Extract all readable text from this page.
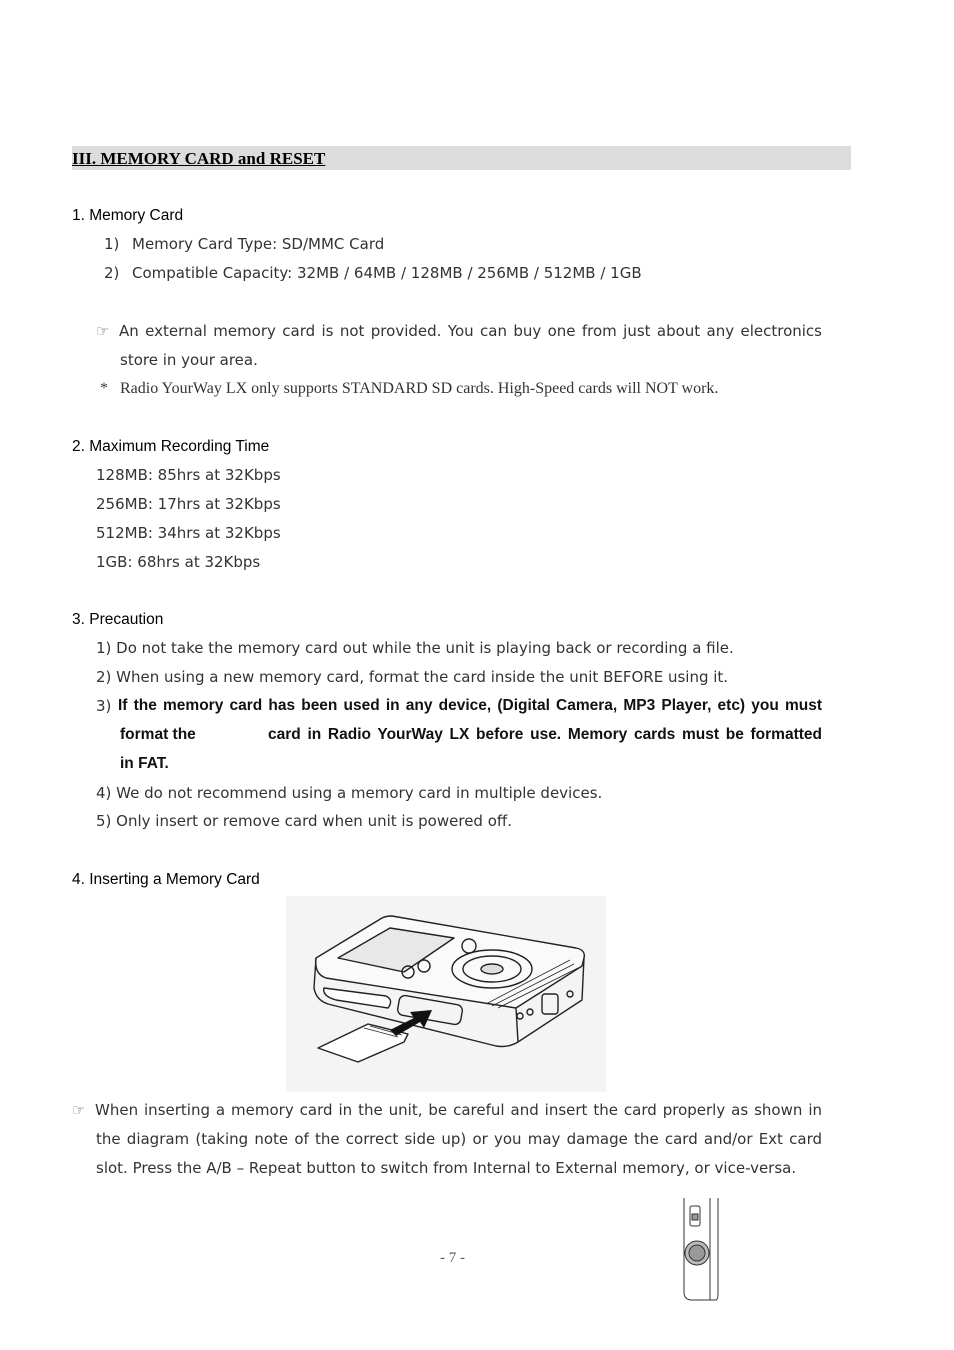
III. MEMORY CARD and RESET
1. Memory Card
1) Memory Card Type: SD/MMC Card
2) Compatible Capacity: 32MB / 64MB / 128MB / 256MB / 512MB / 1GB
☞ An external memory card is not provided. You can buy one from just about any electronics
store in your area.
* Radio YourWay LX only supports STANDARD SD cards. High-Speed cards will NOT work.
2. Maximum Recording Time
128MB: 85hrs at 32Kbps
256MB: 17hrs at 32Kbps
512MB: 34hrs at 32Kbps
1GB: 68hrs at 32Kbps
3. Precaution
1) Do not take the memory card out while the unit is playing back or recording a file.
2) When using a new memory card, format the card inside the unit BEFORE using it.
3) If the memory card has been used in any device, (Digital Camera, MP3 Player, etc) you must
format the	card in Radio YourWay LX before use. Memory cards must be formatted
in FAT.
4) We do not recommend using a memory card in multiple devices.
5) Only insert or remove card when unit is powered off.
4. Inserting a Memory Card
☞ When inserting a memory card in the unit, be careful and insert the card properly as shown in
the diagram (taking note of the correct side up) or you may damage the card and/or Ext card
slot. Press the A/B – Repeat button to switch from Internal to External memory, or vice-versa.
- 7 -
